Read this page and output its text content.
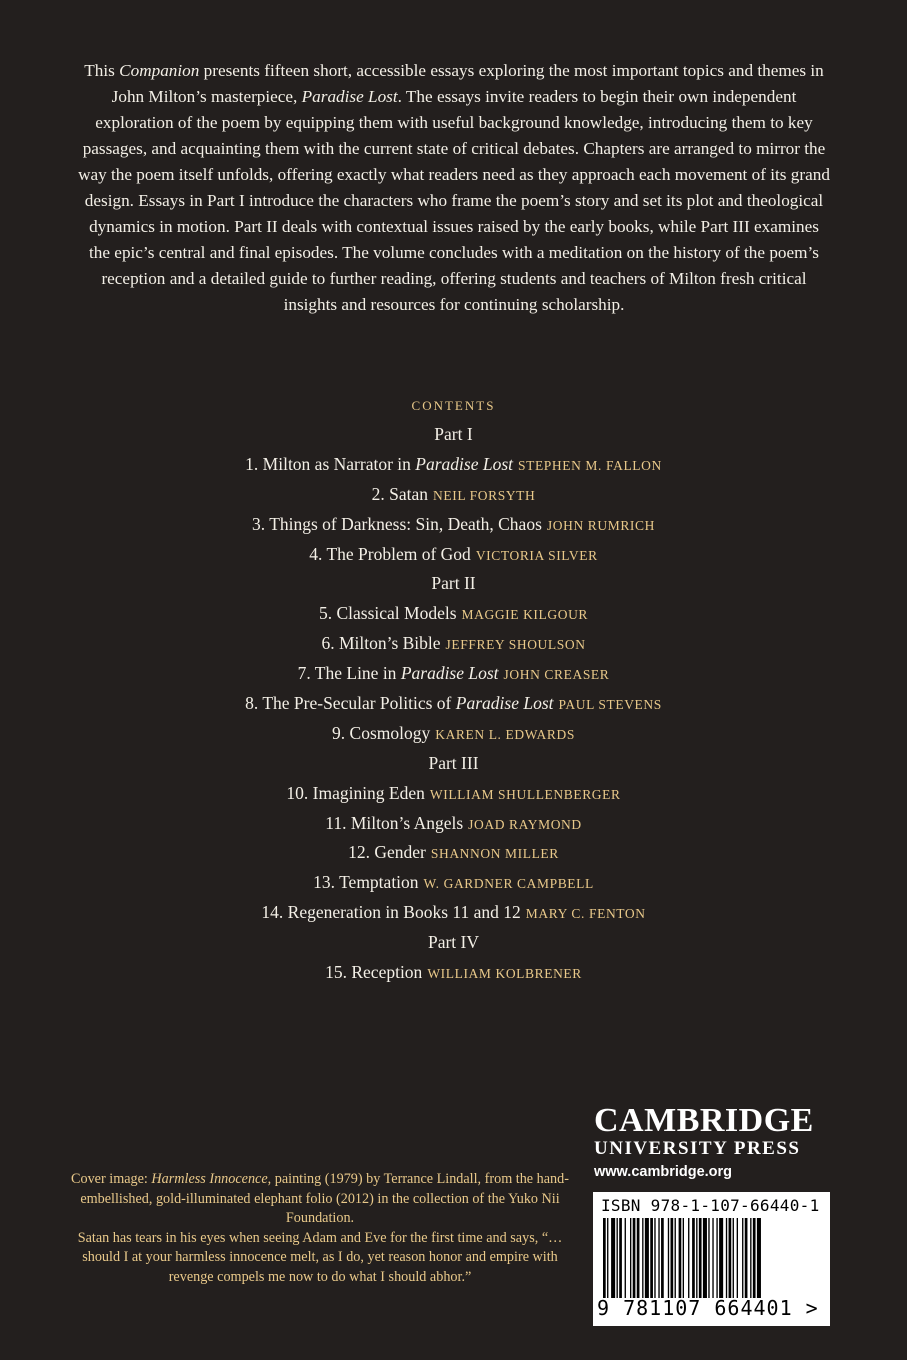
This Companion presents fifteen short, accessible essays exploring the most important topics and themes in John Milton’s masterpiece, Paradise Lost. The essays invite readers to begin their own independent exploration of the poem by equipping them with useful background knowledge, introducing them to key passages, and acquainting them with the current state of critical debates. Chapters are arranged to mirror the way the poem itself unfolds, offering exactly what readers need as they approach each movement of its grand design. Essays in Part I introduce the characters who frame the poem’s story and set its plot and theological dynamics in motion. Part II deals with contextual issues raised by the early books, while Part III examines the epic’s central and final episodes. The volume concludes with a meditation on the history of the poem’s reception and a detailed guide to further reading, offering students and teachers of Milton fresh critical insights and resources for continuing scholarship.
CONTENTS
Part I
1. Milton as Narrator in Paradise Lost STEPHEN M. FALLON
2. Satan NEIL FORSYTH
3. Things of Darkness: Sin, Death, Chaos JOHN RUMRICH
4. The Problem of God VICTORIA SILVER
Part II
5. Classical Models MAGGIE KILGOUR
6. Milton’s Bible JEFFREY SHOULSON
7. The Line in Paradise Lost JOHN CREASER
8. The Pre-Secular Politics of Paradise Lost PAUL STEVENS
9. Cosmology KAREN L. EDWARDS
Part III
10. Imagining Eden WILLIAM SHULLENBERGER
11. Milton’s Angels JOAD RAYMOND
12. Gender SHANNON MILLER
13. Temptation W. GARDNER CAMPBELL
14. Regeneration in Books 11 and 12 MARY C. FENTON
Part IV
15. Reception WILLIAM KOLBRENER
Cover image: Harmless Innocence, painting (1979) by Terrance Lindall, from the hand-embellished, gold-illuminated elephant folio (2012) in the collection of the Yuko Nii Foundation.
Satan has tears in his eyes when seeing Adam and Eve for the first time and says, “… should I at your harmless innocence melt, as I do, yet reason honor and empire with revenge compels me now to do what I should abhor.”
CAMBRIDGE
UNIVERSITY PRESS
www.cambridge.org
ISBN 978-1-107-66440-1
9 781107 664401 >
